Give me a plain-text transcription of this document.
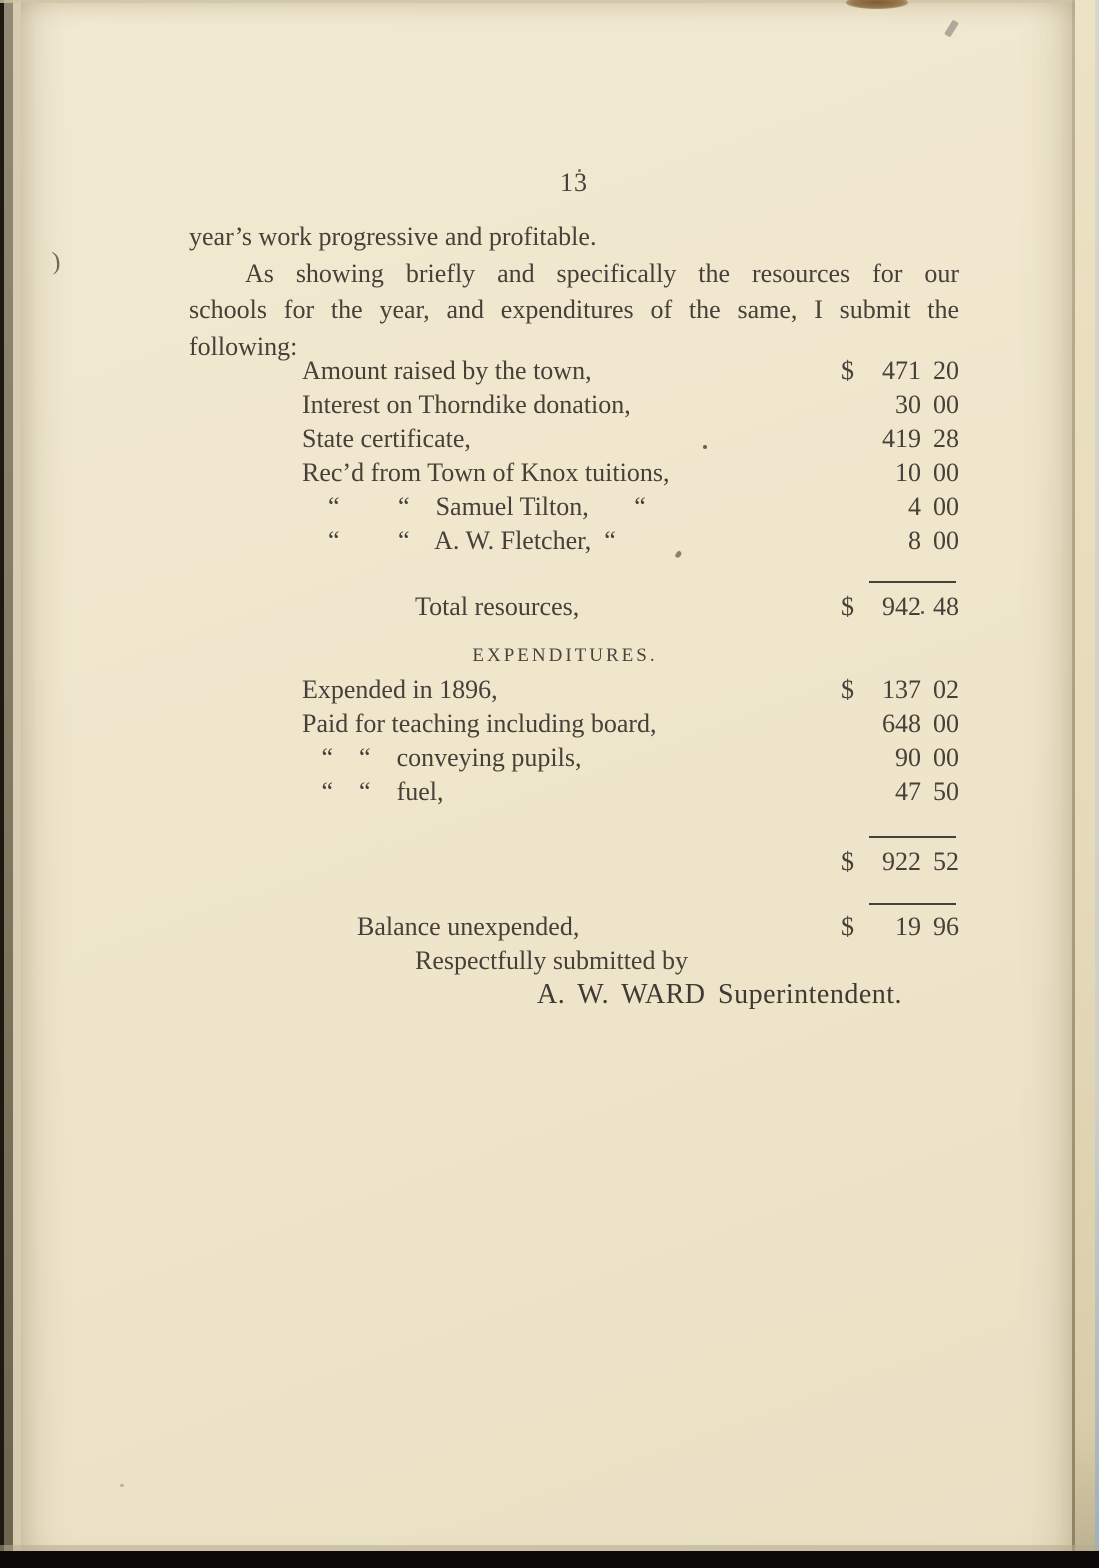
)
13
year’s work progressive and profitable.
As showing briefly and specifically the resources for our
schools for the year, and expenditures of the same, I submit the
following:
Amount raised by the town,	$	471 20
Interest on Thorndike donation,	30 00
State certificate,	419 28
Rec’d from Town of Knox tuitions,	10 00
“         “    Samuel Tilton,       “	4 00
“         “    A. W. Fletcher,  “	8 00
Total resources,	$	942 48
EXPENDITURES.
Expended in 1896,	$	137 02
Paid for teaching including board,	648 00
“    “    conveying pupils,	90 00
“    “    fuel,	47 50
$	922 52
Balance unexpended,	$	19 96
Respectfully submitted by
A. W. WARD Superintendent.
